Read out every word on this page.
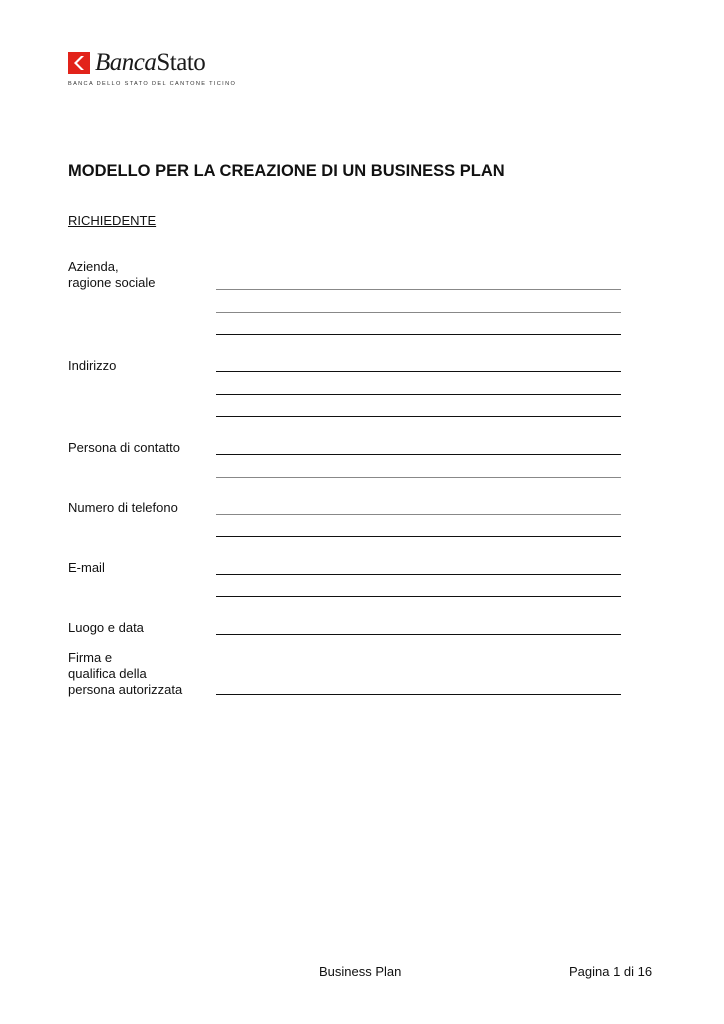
BancaStato
BANCA DELLO STATO DEL CANTONE TICINO
MODELLO PER LA CREAZIONE DI UN BUSINESS PLAN
RICHIEDENTE
Azienda,
ragione sociale
Indirizzo
Persona di contatto
Numero di telefono
E-mail
Luogo e data
Firma e
qualifica della
persona autorizzata
Business Plan	Pagina 1 di 16
